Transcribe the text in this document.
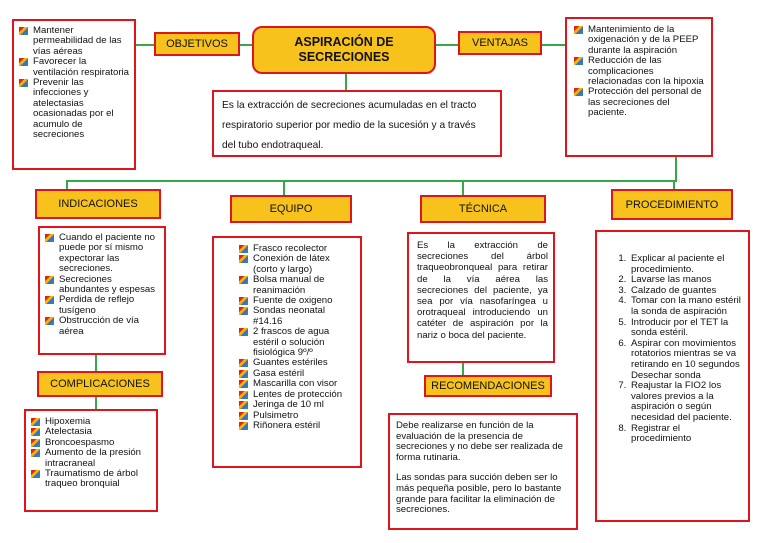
ASPIRACIÓN DE SECRECIONES
Es la extracción de secreciones acumuladas en el tracto respiratorio superior por medio de la sucesión y a través del tubo endotraqueal.
OBJETIVOS
Mantener permeabilidad de las vías aéreas
Favorecer la ventilación respiratoria
Prevenir las infecciones y atelectasias ocasionadas por el acumulo de secreciones
VENTAJAS
Mantenimiento de la oxigenación y de la PEEP durante la aspiración
Reducción de las complicaciones relacionadas con la hipoxia
Protección del personal de las secreciones del paciente.
INDICACIONES
Cuando el paciente no puede por sí mismo expectorar las secreciones.
Secreciones abundantes y espesas
Perdida de reflejo tusígeno
Obstrucción de vía aérea
COMPLICACIONES
Hipoxemia
Atelectasia
Broncoespasmo
Aumento de la presión intracraneal
Traumatismo de árbol traqueo bronquial
EQUIPO
Frasco recolector
Conexión de látex (corto y largo)
Bolsa manual de reanimación
Fuente de oxigeno
Sondas neonatal #14.16
2 frascos de agua estéril o solución fisiológica 9º/º
Guantes estériles
Gasa estéril
Mascarilla con visor
Lentes de protección
Jeringa de 10 ml
Pulsimetro
Riñonera estéril
TÉCNICA
Es la extracción de secreciones del árbol traqueobronqueal para retirar de la vía aérea las secreciones del paciente, ya sea por vía nasofaríngea u orotraqueal introduciendo un catéter de aspiración por la nariz o boca del paciente.
RECOMENDACIONES

Debe realizarse en función de la evaluación de la presencia de secreciones y no debe ser realizada de forma rutinaria.

Las sondas para succión deben ser lo más pequeña posible, pero lo bastante grande para facilitar la eliminación de secreciones.

PROCEDIMIENTO
1. Explicar al paciente el procedimiento.
2. Lavarse las manos
3. Calzado de guantes
4. Tomar con la mano estéril la sonda de aspiración
5. Introducir por el TET la sonda estéril.
6. Aspirar con movimientos rotatorios mientras se va retirando en 10 segundos Desechar sonda
7. Reajustar la FIO2 los valores previos a la aspiración o según necesidad del paciente.
8. Registrar el procedimiento
